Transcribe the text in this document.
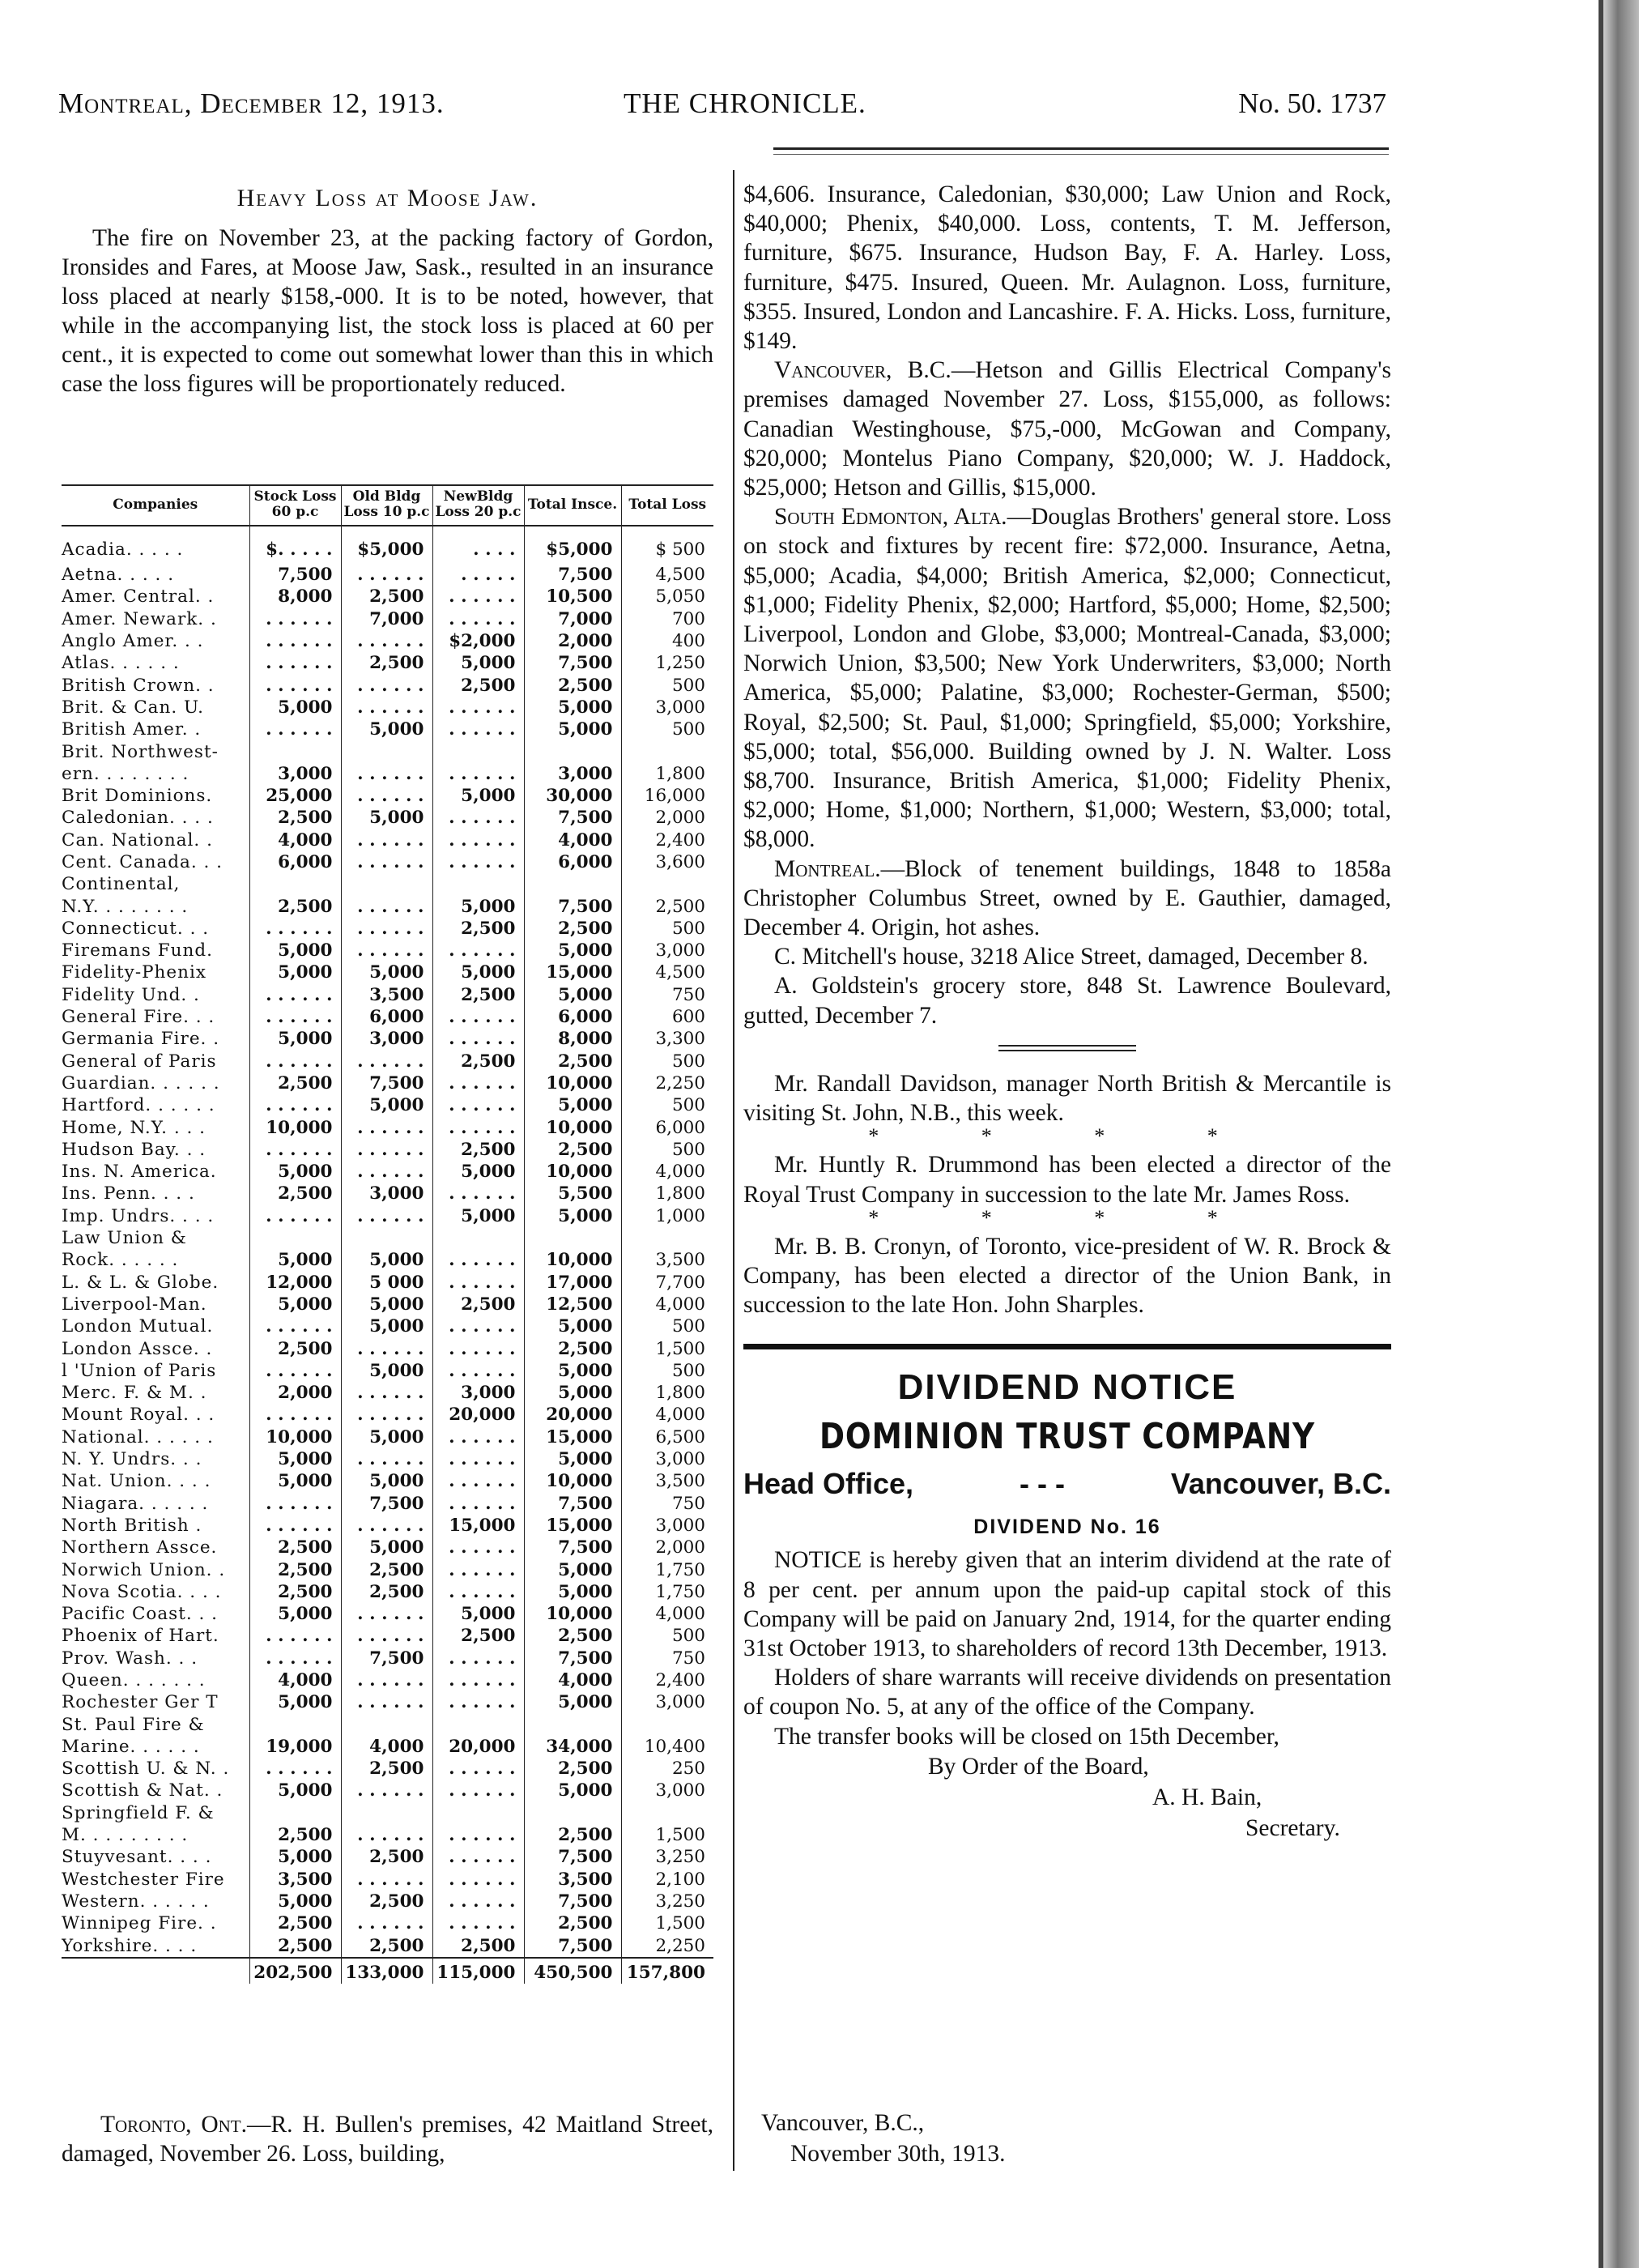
Montreal, December 12, 1913.	THE CHRONICLE.	No. 50. 1737
Heavy Loss at Moose Jaw.

The fire on November 23, at the packing factory of Gordon, Ironsides and Fares, at Moose Jaw, Sask., resulted in an insurance loss placed at nearly $158,-000. It is to be noted, however, that while in the accompanying list, the stock loss is placed at 60 per cent., it is expected to come out somewhat lower than this in which case the loss figures will be proportionately reduced.

Companies	Stock Loss 60 p.c	Old Bldg Loss 10 p.c	NewBldg Loss 20 p.c	Total Insce.	Total Loss
Acadia. . . . .	$. . . . .	$5,000	. . . .	$5,000	$ 500
Aetna. . . . .	7,500	. . . . . .	. . . . .	7,500	4,500
Amer. Central. .	8,000	2,500	. . . . . .	10,500	5,050
Amer. Newark. .	. . . . . .	7,000	. . . . . .	7,000	700
Anglo Amer. . .	. . . . . .	. . . . . .	$2,000	2,000	400
Atlas. . . . . .	. . . . . .	2,500	5,000	7,500	1,250
British Crown. .	. . . . . .	. . . . . .	2,500	2,500	500
Brit. & Can. U.	5,000	. . . . . .	. . . . . .	5,000	3,000
British Amer. .	. . . . . .	5,000	. . . . . .	5,000	500
Brit. Northwest-					
ern. . . . . . . .	3,000	. . . . . .	. . . . . .	3,000	1,800
Brit Dominions.	25,000	. . . . . .	5,000	30,000	16,000
Caledonian. . . .	2,500	5,000	. . . . . .	7,500	2,000
Can. National. .	4,000	. . . . . .	. . . . . .	4,000	2,400
Cent. Canada. . .	6,000	. . . . . .	. . . . . .	6,000	3,600
Continental,					
N.Y. . . . . . . .	2,500	. . . . . .	5,000	7,500	2,500
Connecticut. . .	. . . . . .	. . . . . .	2,500	2,500	500
Firemans Fund.	5,000	. . . . . .	. . . . . .	5,000	3,000
Fidelity-Phenix	5,000	5,000	5,000	15,000	4,500
Fidelity Und. .	. . . . . .	3,500	2,500	5,000	750
General Fire. . .	. . . . . .	6,000	. . . . . .	6,000	600
Germania Fire. .	5,000	3,000	. . . . . .	8,000	3,300
General of Paris	. . . . . .	. . . . . .	2,500	2,500	500
Guardian. . . . . .	2,500	7,500	. . . . . .	10,000	2,250
Hartford. . . . . .	. . . . . .	5,000	. . . . . .	5,000	500
Home, N.Y. . . .	10,000	. . . . . .	. . . . . .	10,000	6,000
Hudson Bay. . .	. . . . . .	. . . . . .	2,500	2,500	500
Ins. N. America.	5,000	. . . . . .	5,000	10,000	4,000
Ins. Penn. . . .	2,500	3,000	. . . . . .	5,500	1,800
Imp. Undrs. . . .	. . . . . .	. . . . . .	5,000	5,000	1,000
Law Union &					
Rock. . . . . .	5,000	5,000	. . . . . .	10,000	3,500
L. & L. & Globe.	12,000	5 000	. . . . . .	17,000	7,700
Liverpool-Man.	5,000	5,000	2,500	12,500	4,000
London Mutual.	. . . . . .	5,000	. . . . . .	5,000	500
London Assce. .	2,500	. . . . . .	. . . . . .	2,500	1,500
l 'Union of Paris	. . . . . .	5,000	. . . . . .	5,000	500
Merc. F. & M. .	2,000	. . . . . .	3,000	5,000	1,800
Mount Royal. . .	. . . . . .	. . . . . .	20,000	20,000	4,000
National. . . . . .	10,000	5,000	. . . . . .	15,000	6,500
N. Y. Undrs. . .	5,000	. . . . . .	. . . . . .	5,000	3,000
Nat. Union. . . .	5,000	5,000	. . . . . .	10,000	3,500
Niagara. . . . . .	. . . . . .	7,500	. . . . . .	7,500	750
North British .	. . . . . .	. . . . . .	15,000	15,000	3,000
Northern Assce.	2,500	5,000	. . . . . .	7,500	2,000
Norwich Union. .	2,500	2,500	. . . . . .	5,000	1,750
Nova Scotia. . . .	2,500	2,500	. . . . . .	5,000	1,750
Pacific Coast. . .	5,000	. . . . . .	5,000	10,000	4,000
Phoenix of Hart.	. . . . . .	. . . . . .	2,500	2,500	500
Prov. Wash. . .	. . . . . .	7,500	. . . . . .	7,500	750
Queen. . . . . . .	4,000	. . . . . .	. . . . . .	4,000	2,400
Rochester Ger T	5,000	. . . . . .	. . . . . .	5,000	3,000
St. Paul Fire &					
Marine. . . . . .	19,000	4,000	20,000	34,000	10,400
Scottish U. & N. .	. . . . . .	2,500	. . . . . .	2,500	250
Scottish & Nat. .	5,000	. . . . . .	. . . . . .	5,000	3,000
Springfield F. &					
M. . . . . . . . .	2,500	. . . . . .	. . . . . .	2,500	1,500
Stuyvesant. . . .	5,000	2,500	. . . . . .	7,500	3,250
Westchester Fire	3,500	. . . . . .	. . . . . .	3,500	2,100
Western. . . . . .	5,000	2,500	. . . . . .	7,500	3,250
Winnipeg Fire. .	2,500	. . . . . .	. . . . . .	2,500	1,500
Yorkshire. . . .	2,500	2,500	2,500	7,500	2,250
	202,500	133,000	115,000	450,500	157,800
Toronto, Ont.—R. H. Bullen's premises, 42 Maitland Street, damaged, November 26. Loss, building,

$4,606. Insurance, Caledonian, $30,000; Law Union and Rock, $40,000; Phenix, $40,000. Loss, contents, T. M. Jefferson, furniture, $675. Insurance, Hudson Bay, F. A. Harley. Loss, furniture, $475. Insured, Queen. Mr. Aulagnon. Loss, furniture, $355. Insured, London and Lancashire. F. A. Hicks. Loss, furniture, $149.

Vancouver, B.C.—Hetson and Gillis Electrical Company's premises damaged November 27. Loss, $155,000, as follows: Canadian Westinghouse, $75,-000, McGowan and Company, $20,000; Montelus Piano Company, $20,000; W. J. Haddock, $25,000; Hetson and Gillis, $15,000.

South Edmonton, Alta.—Douglas Brothers' general store. Loss on stock and fixtures by recent fire: $72,000. Insurance, Aetna, $5,000; Acadia, $4,000; British America, $2,000; Connecticut, $1,000; Fidelity Phenix, $2,000; Hartford, $5,000; Home, $2,500; Liverpool, London and Globe, $3,000; Montreal-Canada, $3,000; Norwich Union, $3,500; New York Underwriters, $3,000; North America, $5,000; Palatine, $3,000; Rochester-German, $500; Royal, $2,500; St. Paul, $1,000; Springfield, $5,000; Yorkshire, $5,000; total, $56,000. Building owned by J. N. Walter. Loss $8,700. Insurance, British America, $1,000; Fidelity Phenix, $2,000; Home, $1,000; Northern, $1,000; Western, $3,000; total, $8,000.

Montreal.—Block of tenement buildings, 1848 to 1858a Christopher Columbus Street, owned by E. Gauthier, damaged, December 4. Origin, hot ashes.

C. Mitchell's house, 3218 Alice Street, damaged, December 8.

A. Goldstein's grocery store, 848 St. Lawrence Boulevard, gutted, December 7.

Mr. Randall Davidson, manager North British & Mercantile is visiting St. John, N.B., this week.

* * * *

Mr. Huntly R. Drummond has been elected a director of the Royal Trust Company in succession to the late Mr. James Ross.

* * * *

Mr. B. B. Cronyn, of Toronto, vice-president of W. R. Brock & Company, has been elected a director of the Union Bank, in succession to the late Hon. John Sharples.

DIVIDEND NOTICE
DOMINION TRUST COMPANY
Head Office,	- - -	Vancouver, B.C.
DIVIDEND No. 16

NOTICE is hereby given that an interim dividend at the rate of 8 per cent. per annum upon the paid-up capital stock of this Company will be paid on January 2nd, 1914, for the quarter ending 31st October 1913, to shareholders of record 13th December, 1913.

Holders of share warrants will receive dividends on presentation of coupon No. 5, at any of the office of the Company.

The transfer books will be closed on 15th December,

By Order of the Board,
A. H. Bain,
Secretary.
Vancouver, B.C.,
November 30th, 1913.
